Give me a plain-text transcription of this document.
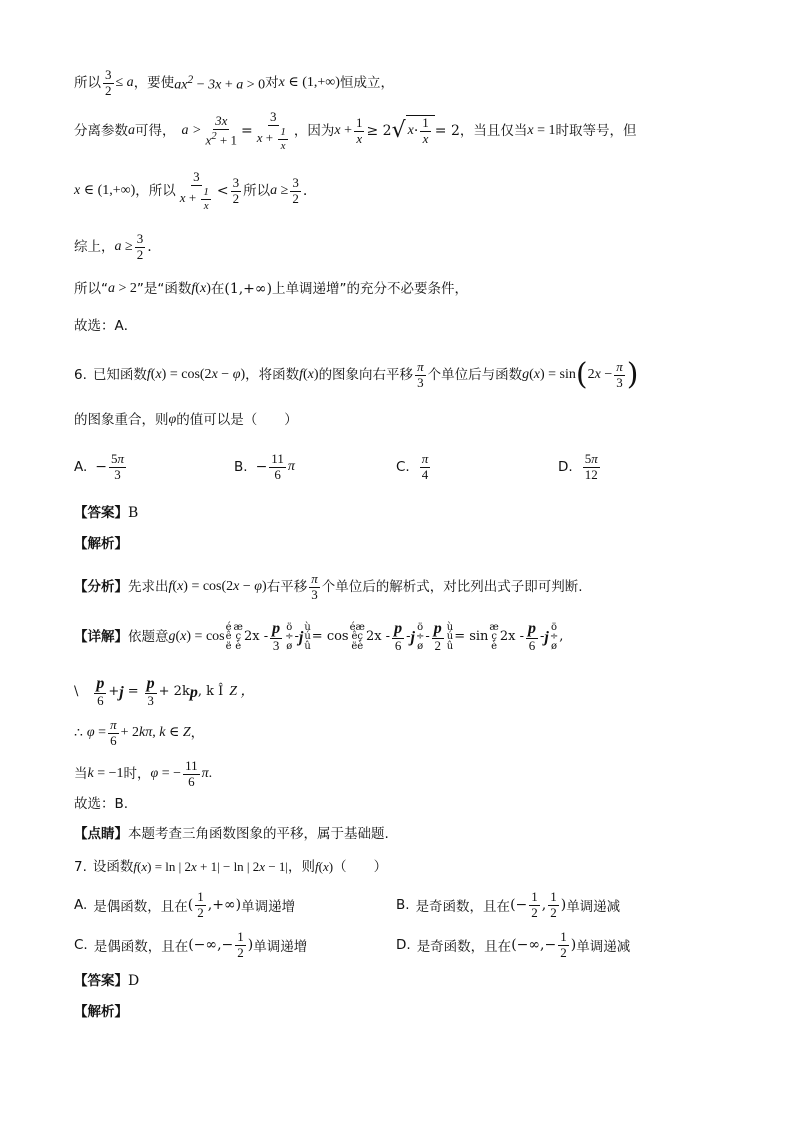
所以 $\frac{3}{2} \le a$ ，要使 $ax^2 - 3x + a > 0$ 对 x ∈ (1,+∞) 恒成立，
分离参数 a 可得， $a > \frac{3x}{x^2 + 1} = \frac{3}{x + \frac{1}{x}}$ ，因为 $x + \frac{1}{x} \ge 2$ √ $x \cdot \frac{1}{x} = 2$ ，当且仅当 x = 1 时取等号，但
x ∈ (1,+∞) ，所以 $\frac{3}{x + \frac{1}{x}} < \frac{3}{2}$ 所以 $a \ge \frac{3}{2}$ .
综上， $a \ge \frac{3}{2}$ .
所以“ a > 2 ”是“函数 f(x) 在 (1,+∞) 上单调递增”的充分不必要条件，
故选：A．
6. 已知函数 f(x) = cos(2x − φ) ，将函数 f(x) 的图象向右平移 $\frac{\pi}{3}$ 个单位后与函数 g(x) = sin ( $2x - \frac{\pi}{3}$ )
的图象重合，则 φ 的值可以是（　　）
A. − $\frac{5\pi}{3}$	B. − $\frac{11}{6}$ π	C. $\frac{\pi}{4}$	D. $\frac{5\pi}{12}$
【答案】 B
【解析】
【分析】 先求出 f(x) = cos(2x − φ) 右平移 $\frac{\pi}{3}$ 个单位后的解析式，对比列出式子即可判断.
【详解】 依题意 g(x) = cos
é
ê
ë
æ
ç
è
$2x - \frac{p}{3}$ ö
÷
ø
- j
ù
ú
û
= cos
éæ
êç
ëè
$2x - \frac{p}{6}$ - j
ö
÷
ø
- $\frac{p}{2}$ ù
ú
û
= sin
æ
ç
è
$2x - \frac{p}{6}$ - j
ö
÷
ø
,
\ $\frac{p}{6} + j = \frac{p}{3} + 2k$ p , k Î Z ，
∴ $\varphi = \frac{\pi}{6} + 2k\pi$, k ∈ Z ，
当 k = −1 时， φ = − $\frac{11}{6} \pi$.
故选：B.
【点睛】 本题考查三角函数图象的平移，属于基础题.
7. 设函数 f(x) = ln | 2x + 1| − ln | 2x − 1| ，则 f(x) （　　）
A. 是偶函数，且在 ( $\frac{1}{2}$ ,+∞) 单调递增	B. 是奇函数，且在 (− $\frac{1}{2}$ , $\frac{1}{2}$ ) 单调递减
C. 是偶函数，且在 (−∞,− $\frac{1}{2}$ ) 单调递增	D. 是奇函数，且在 (−∞,− $\frac{1}{2}$ ) 单调递减
【答案】 D
【解析】
